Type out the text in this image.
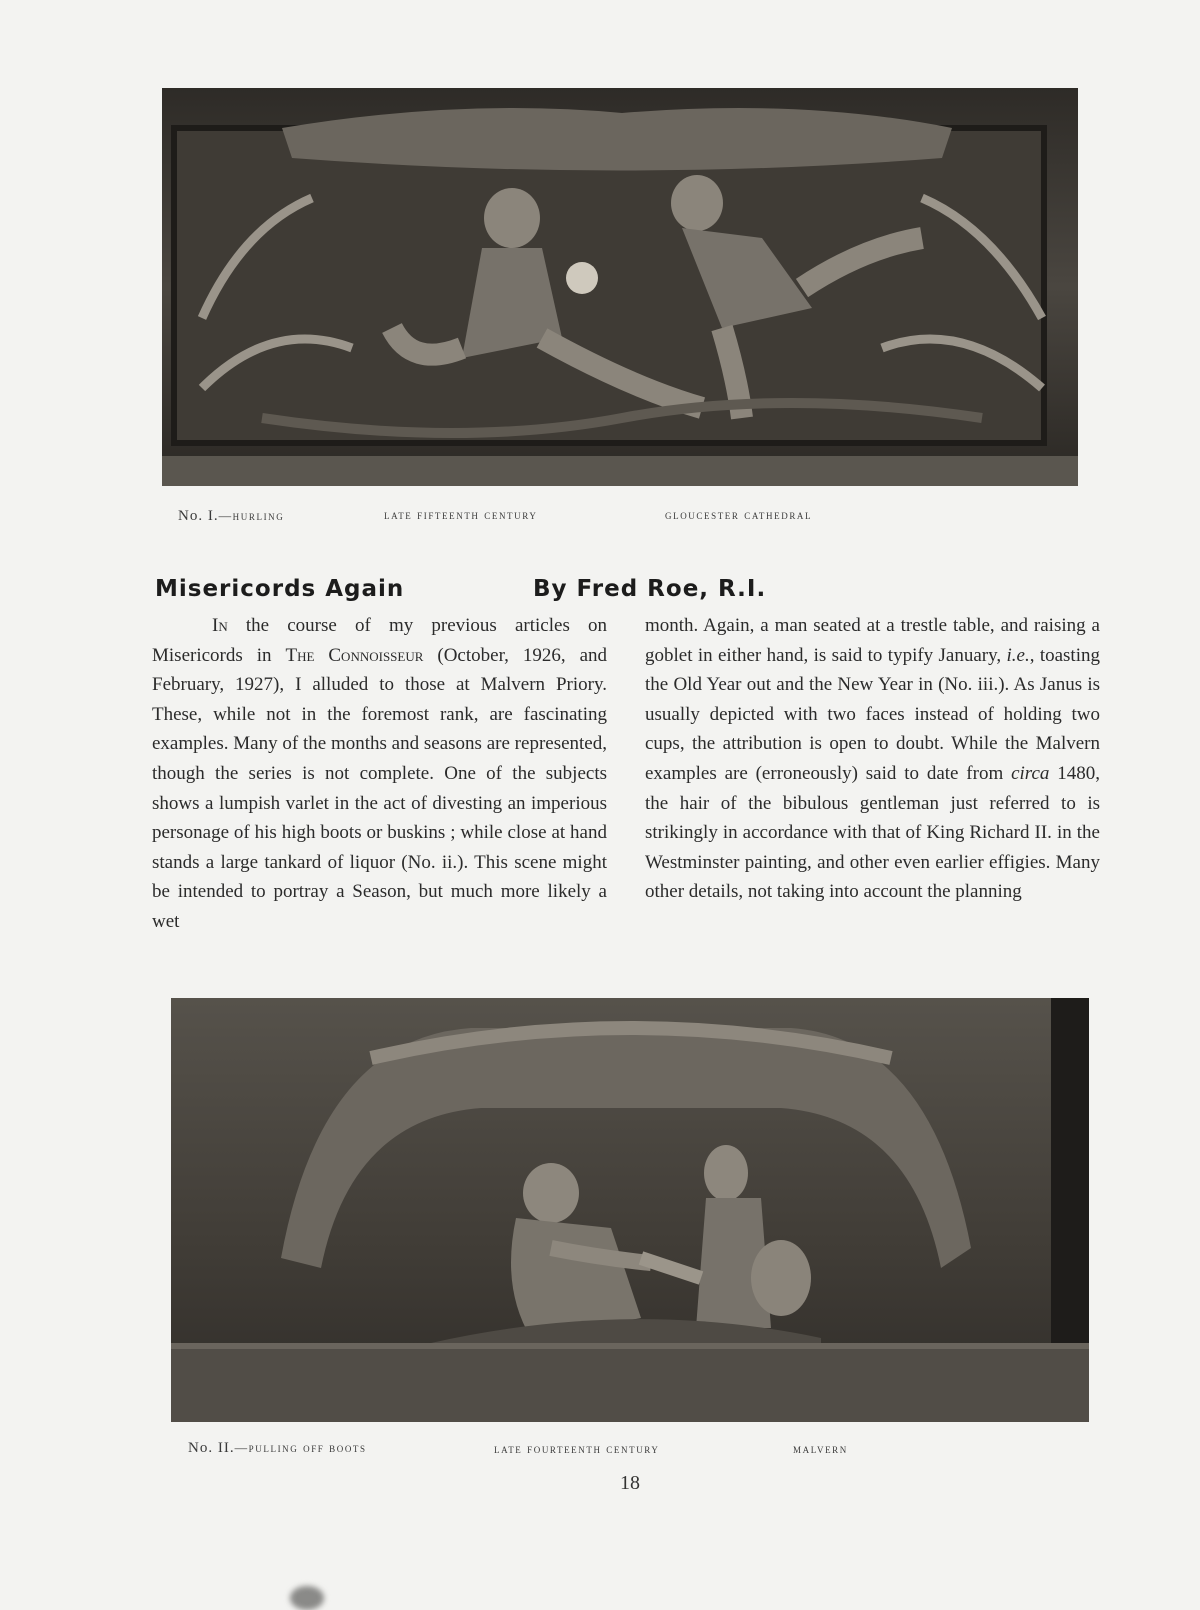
No. I.—hurling	late fifteenth century	gloucester cathedral
Misericords Again	By Fred Roe, R.I.

In the course of my previous articles on Misericords in The Connoisseur (October, 1926, and February, 1927), I alluded to those at Malvern Priory. These, while not in the foremost rank, are fascinating examples. Many of the months and seasons are represented, though the series is not complete. One of the subjects shows a lumpish varlet in the act of divesting an imperious personage of his high boots or buskins ; while close at hand stands a large tankard of liquor (No. ii.). This scene might be intended to portray a Season, but much more likely a wet

month. Again, a man seated at a trestle table, and raising a goblet in either hand, is said to typify January, i.e., toasting the Old Year out and the New Year in (No. iii.). As Janus is usually depicted with two faces instead of holding two cups, the attribution is open to doubt. While the Malvern examples are (erroneously) said to date from circa 1480, the hair of the bibulous gentleman just referred to is strikingly in accordance with that of King Richard II. in the Westminster painting, and other even earlier effigies. Many other details, not taking into account the planning

No. II.—pulling off boots	late fourteenth century	malvern
18
